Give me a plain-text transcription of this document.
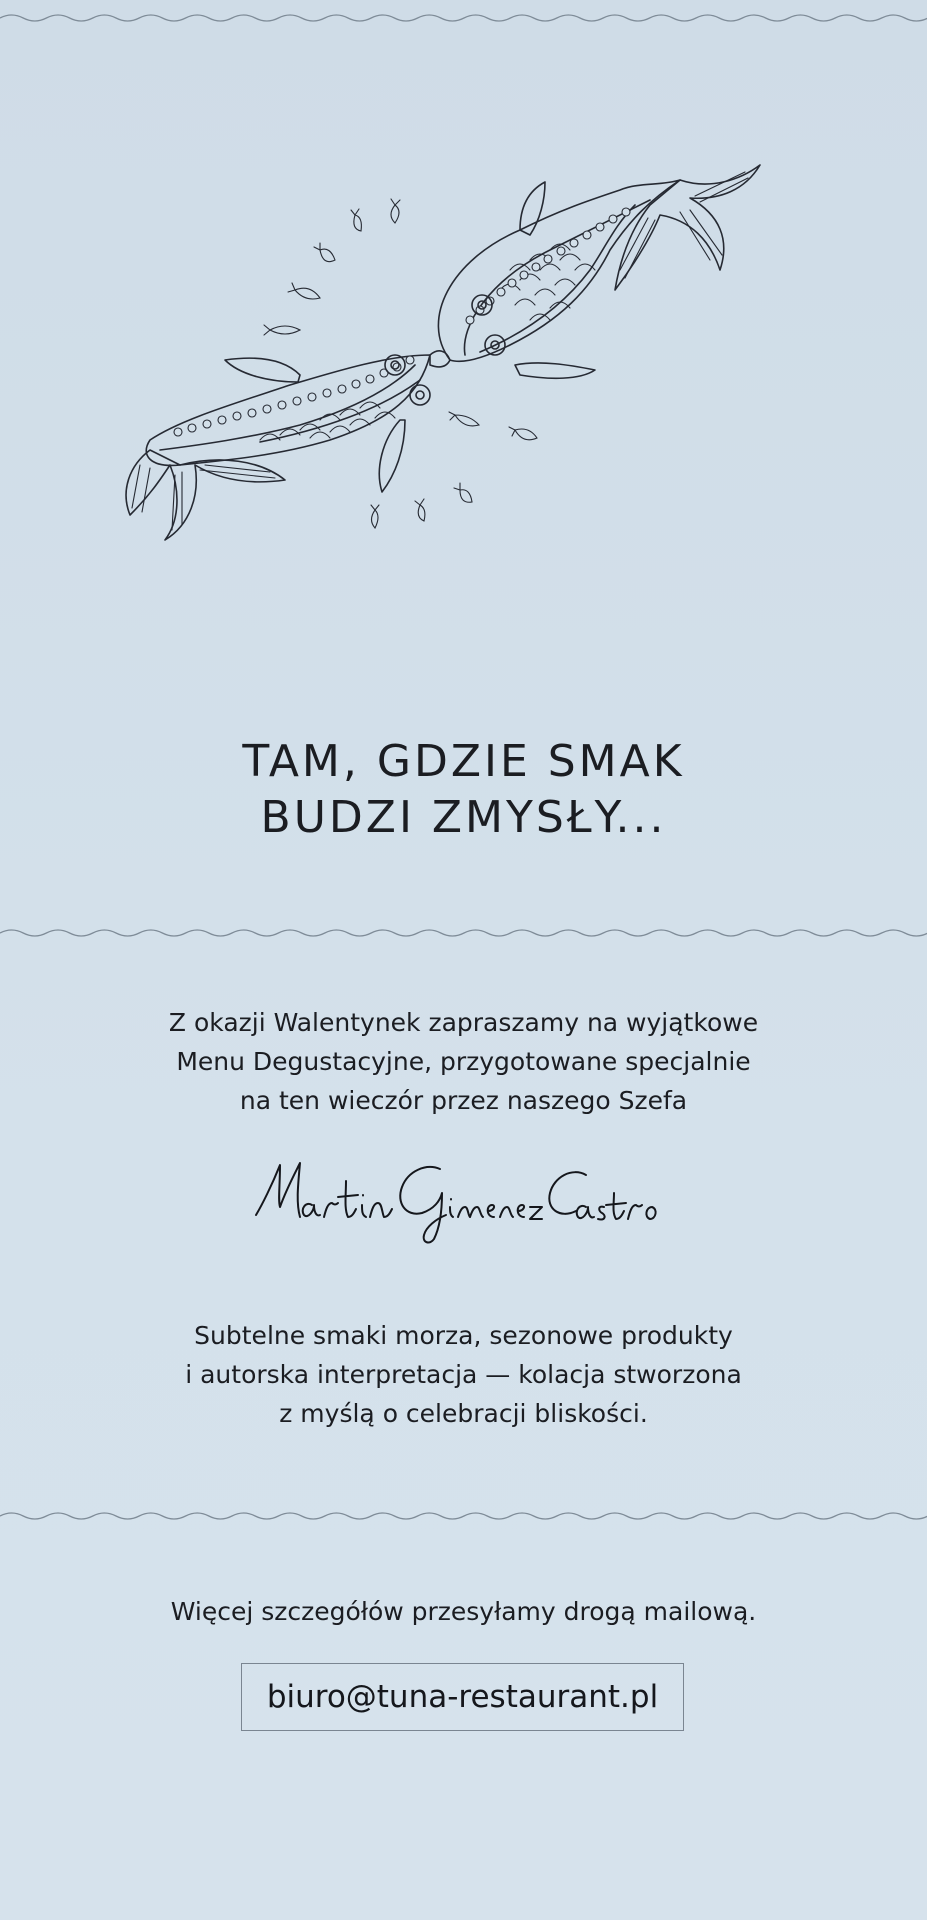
TAM, GDZIE SMAK
BUDZI ZMYSŁY...

Z okazji Walentynek zapraszamy na wyjątkowe
Menu Degustacyjne, przygotowane specjalnie
na ten wieczór przez naszego Szefa

Subtelne smaki morza, sezonowe produkty
i autorska interpretacja — kolacja stworzona
z myślą o celebracji bliskości.

Więcej szczegółów przesyłamy drogą mailową.

biuro@tuna-restaurant.pl
